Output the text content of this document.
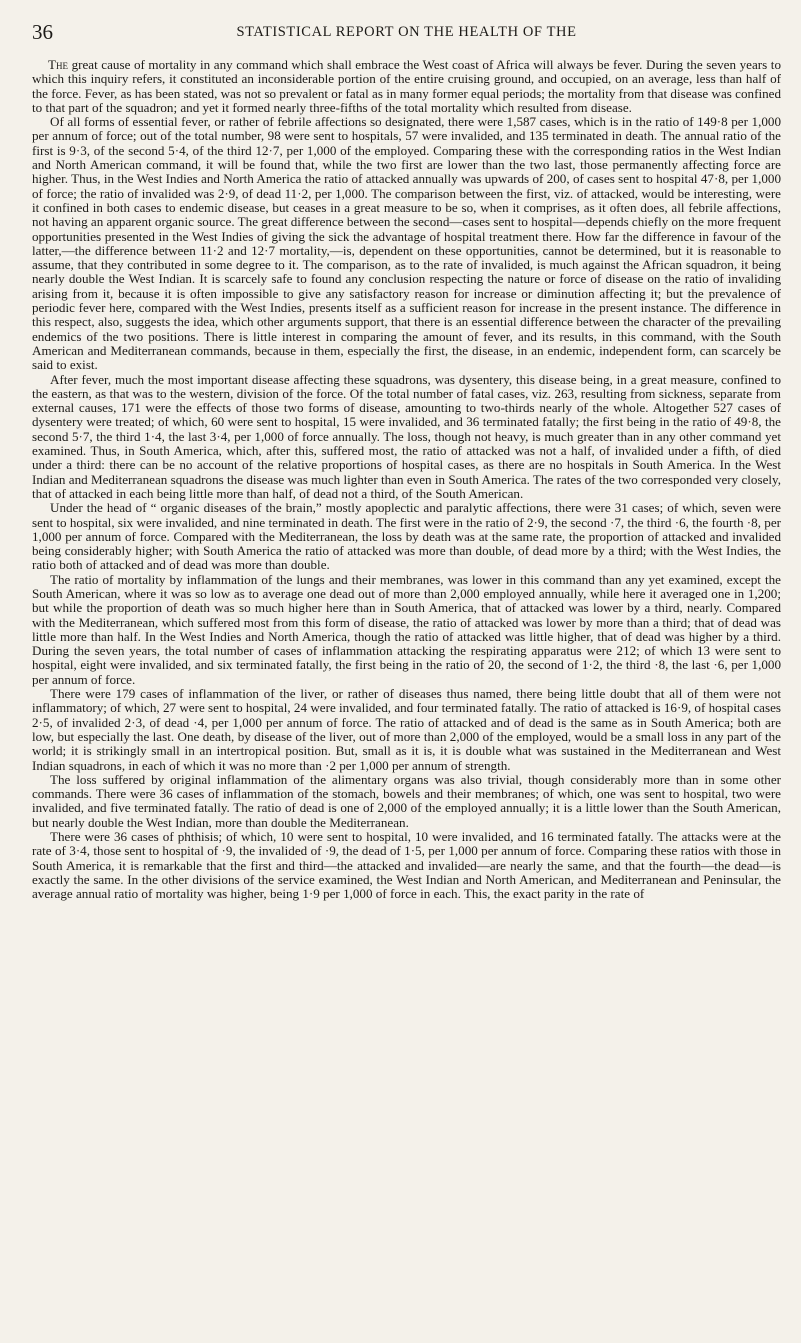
36	STATISTICAL REPORT ON THE HEALTH OF THE

The great cause of mortality in any command which shall embrace the West coast of Africa will always be fever. During the seven years to which this inquiry refers, it constituted an inconsiderable portion of the entire cruising ground, and occupied, on an average, less than half of the force. Fever, as has been stated, was not so prevalent or fatal as in many former equal periods; the mortality from that disease was confined to that part of the squadron; and yet it formed nearly three-fifths of the total mortality which resulted from disease.

Of all forms of essential fever, or rather of febrile affections so designated, there were 1,587 cases, which is in the ratio of 149·8 per 1,000 per annum of force; out of the total number, 98 were sent to hospitals, 57 were invalided, and 135 terminated in death. The annual ratio of the first is 9·3, of the second 5·4, of the third 12·7, per 1,000 of the employed. Comparing these with the corresponding ratios in the West Indian and North American command, it will be found that, while the two first are lower than the two last, those permanently affecting force are higher. Thus, in the West Indies and North America the ratio of attacked annually was upwards of 200, of cases sent to hospital 47·8, per 1,000 of force; the ratio of invalided was 2·9, of dead 11·2, per 1,000. The comparison between the first, viz. of attacked, would be interesting, were it confined in both cases to endemic disease, but ceases in a great measure to be so, when it comprises, as it often does, all febrile affections, not having an apparent organic source. The great difference between the second—cases sent to hospital—depends chiefly on the more frequent opportunities presented in the West Indies of giving the sick the advantage of hospital treatment there. How far the difference in favour of the latter,—the difference between 11·2 and 12·7 mortality,—is, dependent on these opportunities, cannot be determined, but it is reasonable to assume, that they contributed in some degree to it. The comparison, as to the rate of invalided, is much against the African squadron, it being nearly double the West Indian. It is scarcely safe to found any conclusion respecting the nature or force of disease on the ratio of invaliding arising from it, because it is often impossible to give any satisfactory reason for increase or diminution affecting it; but the prevalence of periodic fever here, compared with the West Indies, presents itself as a sufficient reason for increase in the present instance. The difference in this respect, also, suggests the idea, which other arguments support, that there is an essential difference between the character of the prevailing endemics of the two positions. There is little interest in comparing the amount of fever, and its results, in this command, with the South American and Mediterranean commands, because in them, especially the first, the disease, in an endemic, independent form, can scarcely be said to exist.

After fever, much the most important disease affecting these squadrons, was dysentery, this disease being, in a great measure, confined to the eastern, as that was to the western, division of the force. Of the total number of fatal cases, viz. 263, resulting from sickness, separate from external causes, 171 were the effects of those two forms of disease, amounting to two-thirds nearly of the whole. Altogether 527 cases of dysentery were treated; of which, 60 were sent to hospital, 15 were invalided, and 36 terminated fatally; the first being in the ratio of 49·8, the second 5·7, the third 1·4, the last 3·4, per 1,000 of force annually. The loss, though not heavy, is much greater than in any other command yet examined. Thus, in South America, which, after this, suffered most, the ratio of attacked was not a half, of invalided under a fifth, of died under a third: there can be no account of the relative proportions of hospital cases, as there are no hospitals in South America. In the West Indian and Mediterranean squadrons the disease was much lighter than even in South America. The rates of the two corresponded very closely, that of attacked in each being little more than half, of dead not a third, of the South American.

Under the head of “ organic diseases of the brain,” mostly apoplectic and paralytic affections, there were 31 cases; of which, seven were sent to hospital, six were invalided, and nine terminated in death. The first were in the ratio of 2·9, the second ·7, the third ·6, the fourth ·8, per 1,000 per annum of force. Compared with the Mediterranean, the loss by death was at the same rate, the proportion of attacked and invalided being considerably higher; with South America the ratio of attacked was more than double, of dead more by a third; with the West Indies, the ratio both of attacked and of dead was more than double.

The ratio of mortality by inflammation of the lungs and their membranes, was lower in this command than any yet examined, except the South American, where it was so low as to average one dead out of more than 2,000 employed annually, while here it averaged one in 1,200; but while the proportion of death was so much higher here than in South America, that of attacked was lower by a third, nearly. Compared with the Mediterranean, which suffered most from this form of disease, the ratio of attacked was lower by more than a third; that of dead was little more than half. In the West Indies and North America, though the ratio of attacked was little higher, that of dead was higher by a third. During the seven years, the total number of cases of inflammation attacking the respirating apparatus were 212; of which 13 were sent to hospital, eight were invalided, and six terminated fatally, the first being in the ratio of 20, the second of 1·2, the third ·8, the last ·6, per 1,000 per annum of force.

There were 179 cases of inflammation of the liver, or rather of diseases thus named, there being little doubt that all of them were not inflammatory; of which, 27 were sent to hospital, 24 were invalided, and four terminated fatally. The ratio of attacked is 16·9, of hospital cases 2·5, of invalided 2·3, of dead ·4, per 1,000 per annum of force. The ratio of attacked and of dead is the same as in South America; both are low, but especially the last. One death, by disease of the liver, out of more than 2,000 of the employed, would be a small loss in any part of the world; it is strikingly small in an intertropical position. But, small as it is, it is double what was sustained in the Mediterranean and West Indian squadrons, in each of which it was no more than ·2 per 1,000 per annum of strength.

The loss suffered by original inflammation of the alimentary organs was also trivial, though considerably more than in some other commands. There were 36 cases of inflammation of the stomach, bowels and their membranes; of which, one was sent to hospital, two were invalided, and five terminated fatally. The ratio of dead is one of 2,000 of the employed annually; it is a little lower than the South American, but nearly double the West Indian, more than double the Mediterranean.

There were 36 cases of phthisis; of which, 10 were sent to hospital, 10 were invalided, and 16 terminated fatally. The attacks were at the rate of 3·4, those sent to hospital of ·9, the invalided of ·9, the dead of 1·5, per 1,000 per annum of force. Comparing these ratios with those in South America, it is remarkable that the first and third—the attacked and invalided—are nearly the same, and that the fourth—the dead—is exactly the same. In the other divisions of the service examined, the West Indian and North American, and Mediterranean and Peninsular, the average annual ratio of mortality was higher, being 1·9 per 1,000 of force in each. This, the exact parity in the rate of
